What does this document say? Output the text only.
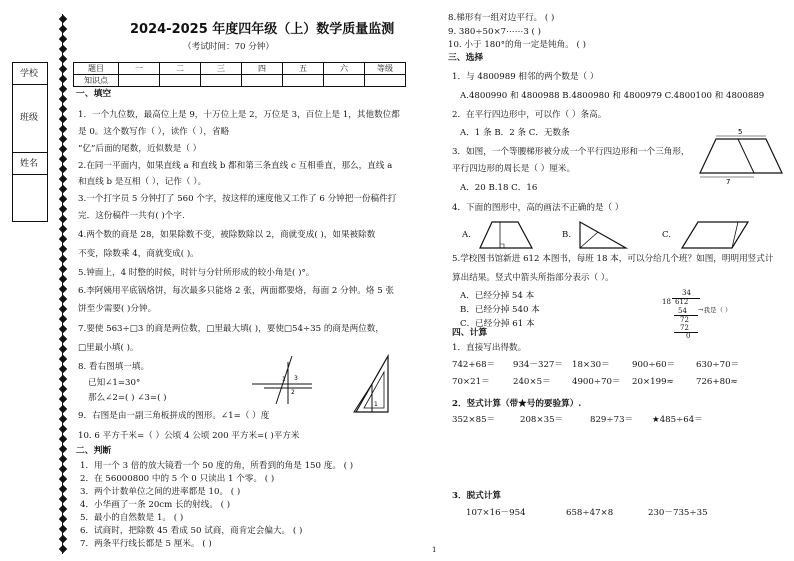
学校
班级
姓名
2024-2025 年度四年级（上）数学质量监测
（考试时间：70 分钟）
题目	一	二	三	四	五	六	等级
知识点							
一、填空
1．一个九位数，最高位上是 9，十万位上是 2，万位是 3，百位上是 1，其他数位都
是 0。这个数写作（ ），读作（ ），省略
“亿”后面的尾数，近似数是（ ）
2.在同一平面内，如果直线 a 和直线 b 都和第三条直线 c 互相垂直，那么，直线 a
和直线 b 是互相（ ），记作（ ）。
3.一个打字员 5 分钟打了 560 个字，按这样的速度他又工作了 6 分钟把一份稿件打
完．这份稿件一共有( )个字.
4.两个数的商是 28，如果除数不变，被除数除以 2，商就变成( )，如果被除数
不变，除数乘 4，商就变成( )。
5.钟面上，4 时整的时候，时针与分针所形成的较小角是( )°。
6.李阿姨用平底锅烙饼，每次最多只能烙 2 张，两面都要烙，每面 2 分钟。烙 5 张
饼至少需要( )分钟。
7.要使 563÷□3 的商是两位数，□里最大填( )，要使□54÷35 的商是两位数，
□里最小填( )。
8. 看右图填一填。
已知∠1=30°
那么∠2=( ) ∠3=( )
9．右图是由一副三角板拼成的图形。∠1=（ ）度
10. 6 平方千米=（ ）公顷 4 公顷 200 平方米=( )平方米
二、判断
1．用一个 3 倍的放大镜看一个 50 度的角，所看到的角是 150 度。 ( )
2．在 56000800 中的 5 个 0 只读出 1 个零。 ( )
3．两个计数单位之间的进率都是 10。 ( )
4．小华画了一条 20cm 长的射线。 ( )
5．最小的自然数是 1。 ( )
6．试商时，把除数 45 看成 50 试商，商肯定会偏大。 ( )
7．两条平行线长都是 5 厘米。 ( )
1
2
3
1
8.梯形有一组对边平行。 ( )
9. 380÷50×7⋯⋯3 ( )
10. 小于 180°的角一定是钝角。 ( )
三、选择
1．与 4800989 相邻的两个数是（ ）
A.4800990 和 4800988 B.4800980 和 4800979 C.4800100 和 4800889
2．在平行四边形中，可以作（ ）条高。
A．1 条 B．2 条 C．无数条
3．如图，一个等腰梯形被分成一个平行四边形和一个三角形，
平行四边形的周长是（ ）厘米。
A．20 B.18 C．16
5
7
4．下面的图形中，高的画法不正确的是（ ）
A.	B.	C.
5.学校图书馆新进 612 本图书，每班 18 本，可以分给几个班？如图，明明用竖式计
算出结果。竖式中箭头所指部分表示（ ）。
A．已经分掉 54 本
B．已经分掉 540 本
C．已经分掉 61 本
34
18 612
54
72
72
0
→我是（ ）
四、计算
1．直接写出得数。
742+68＝ 934－327＝ 18×30＝	900÷60＝ 630÷70＝
70×21＝	240×5＝ 4900÷70＝ 20×199≈	726+80≈
2．竖式计算（带★号的要验算）.
352×85＝	208×35＝	829÷73＝ ★485÷64＝
3．脱式计算
107×16－954	658÷47×8	230－735÷35
1
